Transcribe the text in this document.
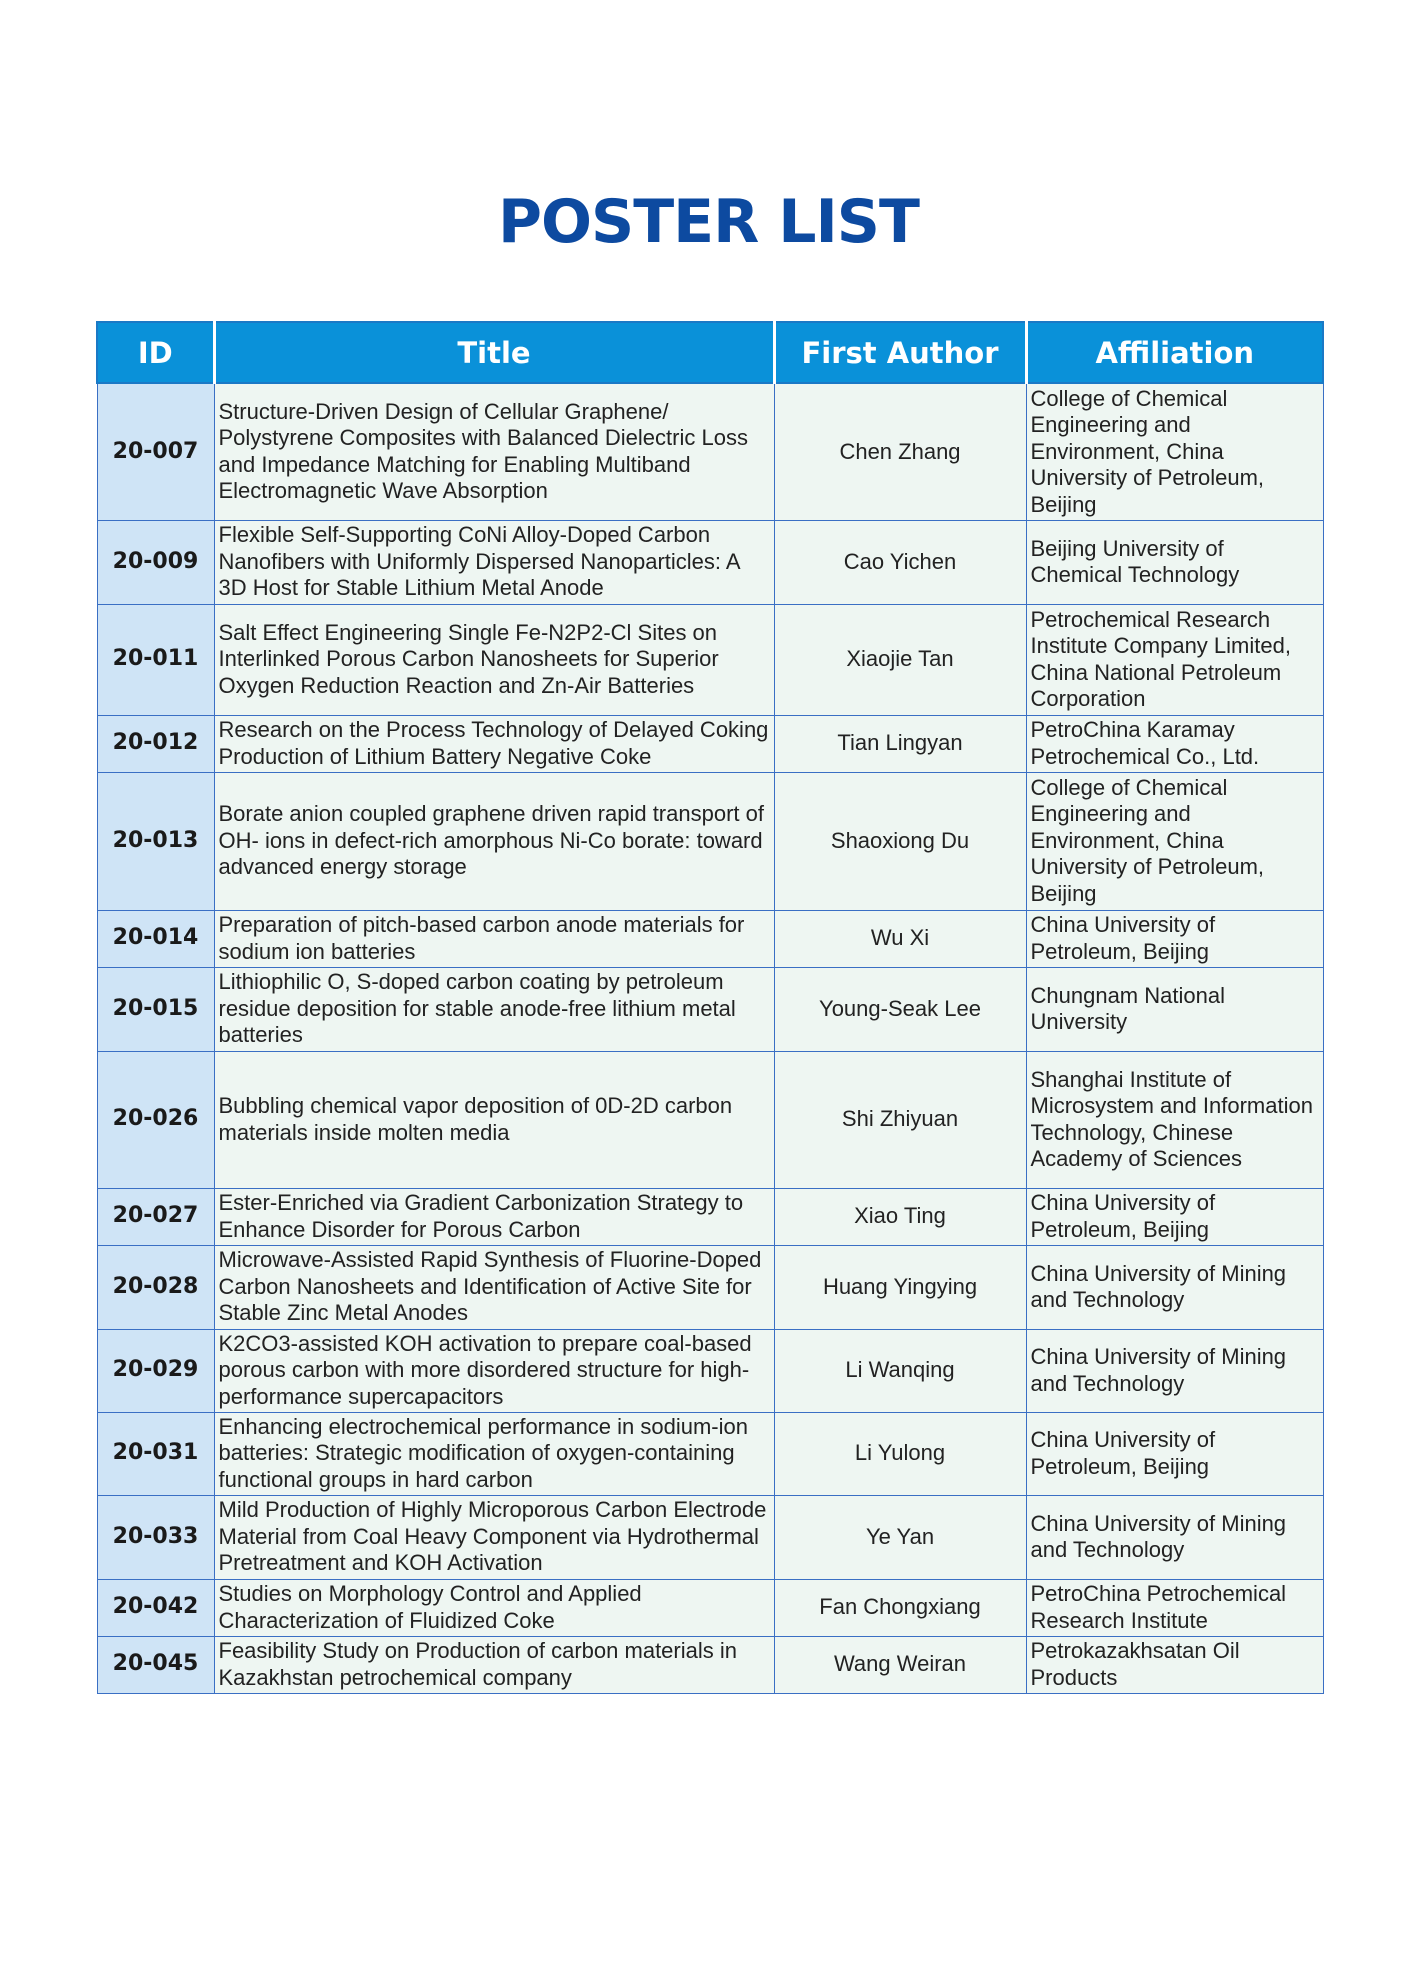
POSTER LIST
ID	Title	First Author	Affiliation
20-007	Structure-Driven Design of Cellular Graphene/ Polystyrene Composites with Balanced Dielectric Loss and Impedance Matching for Enabling Multiband Electromagnetic Wave Absorption	Chen Zhang	College of Chemical Engineering and Environment, China University of Petroleum, Beijing
20-009	Flexible Self-Supporting CoNi Alloy-Doped Carbon Nanofibers with Uniformly Dispersed Nanoparticles: A 3D Host for Stable Lithium Metal Anode	Cao Yichen	Beijing University of Chemical Technology
20-011	Salt Effect Engineering Single Fe-N2P2-Cl Sites on Interlinked Porous Carbon Nanosheets for Superior Oxygen Reduction Reaction and Zn-Air Batteries	Xiaojie Tan	Petrochemical Research Institute Company Limited, China National Petroleum Corporation
20-012	Research on the Process Technology of Delayed Coking Production of Lithium Battery Negative Coke	Tian Lingyan	PetroChina Karamay Petrochemical Co., Ltd.
20-013	Borate anion coupled graphene driven rapid transport of OH- ions in defect-rich amorphous Ni-Co borate: toward advanced energy storage	Shaoxiong Du	College of Chemical Engineering and Environment, China University of Petroleum, Beijing
20-014	Preparation of pitch-based carbon anode materials for sodium ion batteries	Wu Xi	China University of Petroleum, Beijing
20-015	Lithiophilic O, S-doped carbon coating by petroleum residue deposition for stable anode-free lithium metal batteries	Young-Seak Lee	Chungnam National University
20-026	Bubbling chemical vapor deposition of 0D-2D carbon materials inside molten media	Shi Zhiyuan	Shanghai Institute of Microsystem and Information Technology, Chinese Academy of Sciences
20-027	Ester-Enriched via Gradient Carbonization Strategy to Enhance Disorder for Porous Carbon	Xiao Ting	China University of Petroleum, Beijing
20-028	Microwave-Assisted Rapid Synthesis of Fluorine-Doped Carbon Nanosheets and Identification of Active Site for Stable Zinc Metal Anodes	Huang Yingying	China University of Mining and Technology
20-029	K2CO3-assisted KOH activation to prepare coal-based porous carbon with more disordered structure for high-performance supercapacitors	Li Wanqing	China University of Mining and Technology
20-031	Enhancing electrochemical performance in sodium-ion batteries: Strategic modification of oxygen-containing functional groups in hard carbon	Li Yulong	China University of Petroleum, Beijing
20-033	Mild Production of Highly Microporous Carbon Electrode Material from Coal Heavy Component via Hydrothermal Pretreatment and KOH Activation	Ye Yan	China University of Mining and Technology
20-042	Studies on Morphology Control and Applied Characterization of Fluidized Coke	Fan Chongxiang	PetroChina Petrochemical Research Institute
20-045	Feasibility Study on Production of carbon materials in Kazakhstan petrochemical company	Wang Weiran	Petrokazakhsatan Oil Products
